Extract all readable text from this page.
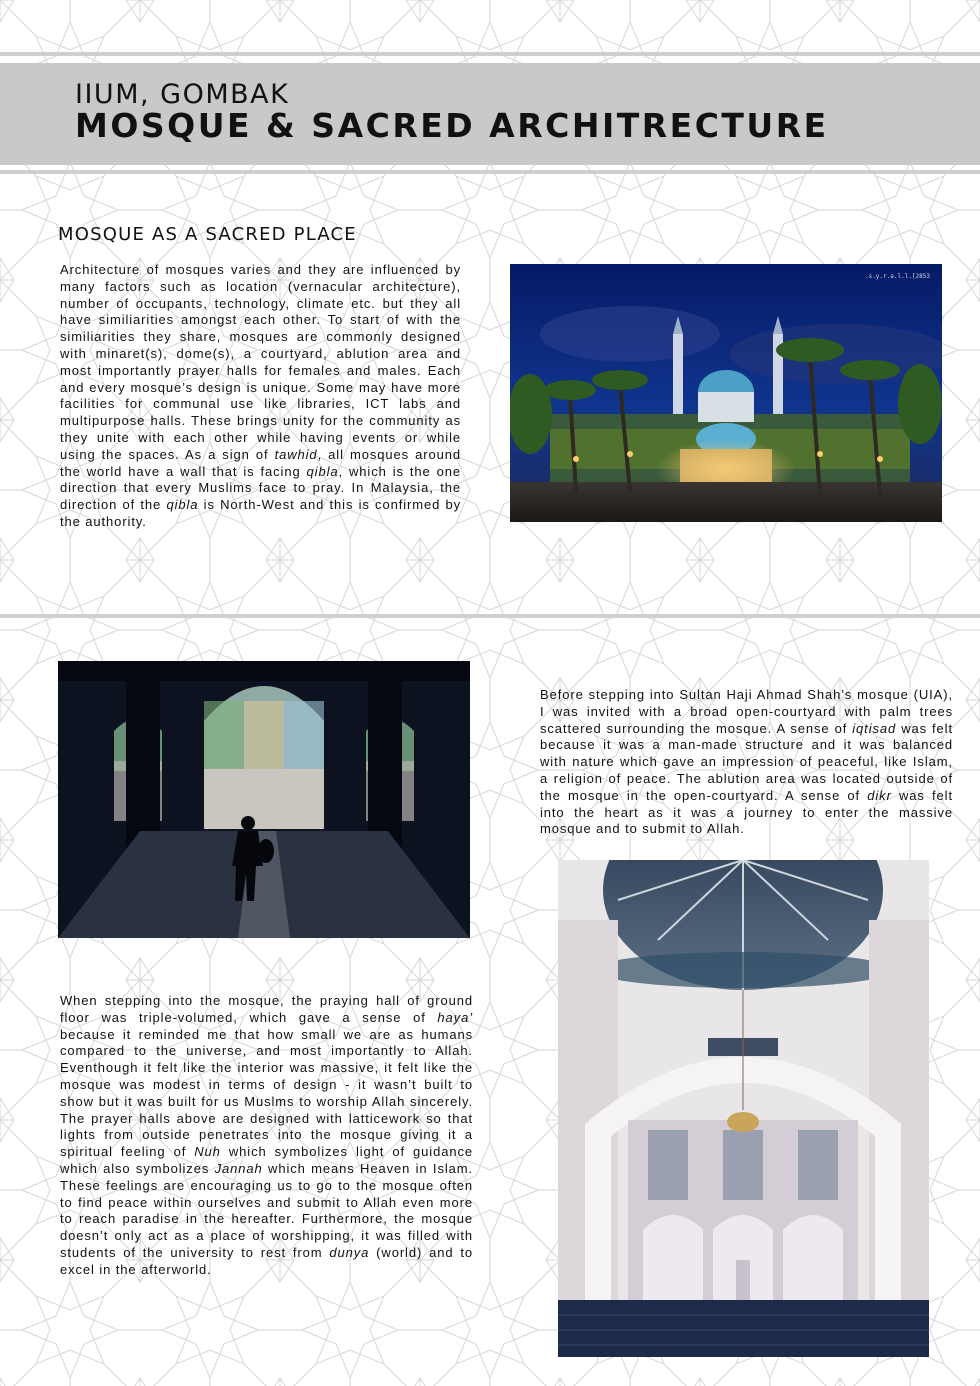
IIUM, GOMBAK
MOSQUE & SACRED ARCHITRECTURE
MOSQUE AS A SACRED PLACE
Architecture of mosques varies and they are influenced by many factors such as location (vernacular architecture), number of occupants, technology, climate etc. but they all have similiarities amongst each other. To start of with the similiarities they share, mosques are commonly designed with minaret(s), dome(s), a courtyard, ablution area and most importantly prayer halls for females and males. Each and every mosque’s design is unique. Some may have more facilities for communal use like libraries, ICT labs and multipurpose halls. These brings unity for the community as they unite with each other while having events or while using the spaces. As a sign of tawhid, all mosques around the world have a wall that is facing qibla, which is the one direction that every Muslims face to pray. In Malaysia, the direction of the qibla is North-West and this is confirmed by the authority.
.s.y.r.a.l.l.[2853
Before stepping into Sultan Haji Ahmad Shah’s mosque (UIA), I was invited with a broad open-courtyard with palm trees scattered surrounding the mosque. A sense of iqtisad was felt because it was a man-made structure and it was balanced with nature which gave an impression of peaceful, like Islam, a religion of peace. The ablution area was located outside of the mosque in the open-courtyard. A sense of dikr was felt into the heart as it was a journey to enter the massive mosque and to submit to Allah.
When stepping into the mosque, the praying hall of ground floor was triple-volumed, which gave a sense of haya’ because it reminded me that how small we are as humans compared to the universe, and most importantly to Allah. Eventhough it felt like the interior was massive, it felt like the mosque was modest in terms of design - it wasn’t built to show but it was built for us Muslms to worship Allah sincerely. The prayer halls above are designed with latticework so that lights from outside penetrates into the mosque giving it a spiritual feeling of Nuh which symbolizes light of guidance which also symbolizes Jannah which means Heaven in Islam. These feelings are encouraging us to go to the mosque often to find peace within ourselves and submit to Allah even more to reach paradise in the hereafter. Furthermore, the mosque doesn’t only act as a place of worshipping, it was filled with students of the university to rest from dunya (world) and to excel in the afterworld.
